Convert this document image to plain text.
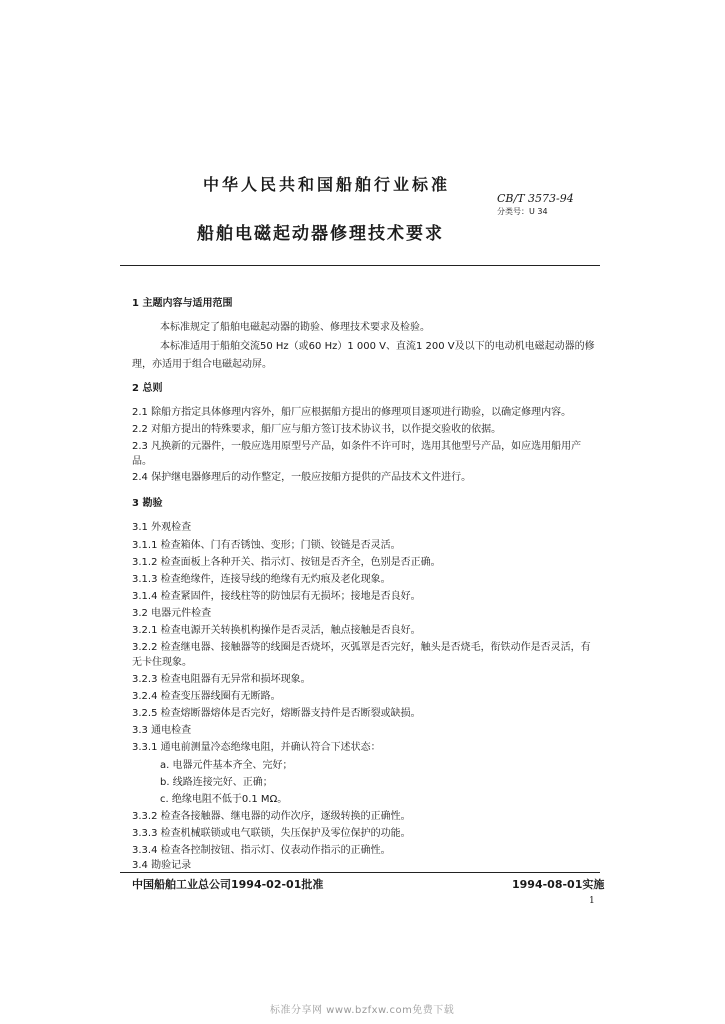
中华人民共和国船舶行业标准
CB/T 3573-94
分类号：U 34
船舶电磁起动器修理技术要求
1 主题内容与适用范围
本标准规定了船舶电磁起动器的勘验、修理技术要求及检验。
本标准适用于船舶交流50 Hz（或60 Hz）1 000 V、直流1 200 V及以下的电动机电磁起动器的修
理，亦适用于组合电磁起动屏。
2 总则
2.1 除船方指定具体修理内容外，船厂应根据船方提出的修理项目逐项进行勘验，以确定修理内容。
2.2 对船方提出的特殊要求，船厂应与船方签订技术协议书，以作提交验收的依据。
2.3 凡换新的元器件，一般应选用原型号产品，如条件不许可时，选用其他型号产品，如应选用船用产
品。
2.4 保护继电器修理后的动作整定，一般应按船方提供的产品技术文件进行。
3 勘验
3.1 外观检查
3.1.1 检查箱体、门有否锈蚀、变形；门锁、铰链是否灵活。
3.1.2 检查面板上各种开关、指示灯、按钮是否齐全，色别是否正确。
3.1.3 检查绝缘件，连接导线的绝缘有无灼痕及老化现象。
3.1.4 检查紧固件，接线柱等的防蚀层有无损坏；接地是否良好。
3.2 电器元件检查
3.2.1 检查电源开关转换机构操作是否灵活，触点接触是否良好。
3.2.2 检查继电器、接触器等的线圈是否烧坏，灭弧罩是否完好，触头是否烧毛，衔铁动作是否灵活，有
无卡住现象。
3.2.3 检查电阻器有无异常和损坏现象。
3.2.4 检查变压器线圈有无断路。
3.2.5 检查熔断器熔体是否完好，熔断器支持件是否断裂或缺损。
3.3 通电检查
3.3.1 通电前测量冷态绝缘电阻，并确认符合下述状态：
a. 电器元件基本齐全、完好；
b. 线路连接完好、正确；
c. 绝缘电阻不低于0.1 MΩ。
3.3.2 检查各接触器、继电器的动作次序，逐级转换的正确性。
3.3.3 检查机械联锁或电气联锁，失压保护及零位保护的功能。
3.3.4 检查各控制按钮、指示灯、仪表动作指示的正确性。
3.4 勘验记录
中国船舶工业总公司1994-02-01批准	1994-08-01实施
1
标准分享网 www.bzfxw.com免费下载
